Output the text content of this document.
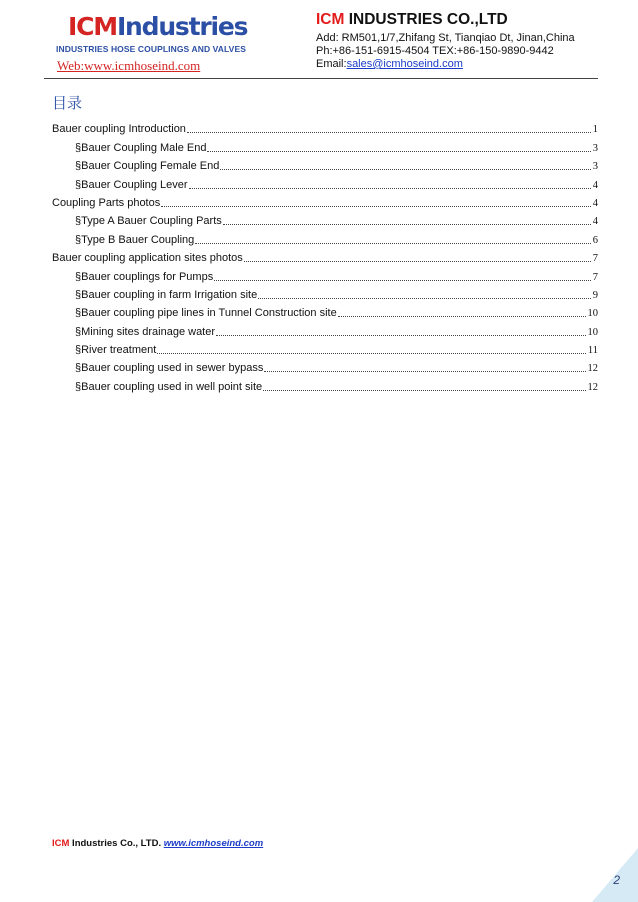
ICMIndustries
INDUSTRIES HOSE COUPLINGS AND VALVES
Web:www.icmhoseind.com
ICM INDUSTRIES CO.,LTD
Add: RM501,1/7,Zhifang St, Tianqiao Dt, Jinan,China
Ph:+86-151-6915-4504 TEX:+86-150-9890-9442
Email:sales@icmhoseind.com
目录
Bauer coupling Introduction	1
§Bauer Coupling Male End	3
§Bauer Coupling Female End	3
§Bauer Coupling Lever	4
Coupling Parts photos	4
§Type A Bauer Coupling Parts	4
§Type B Bauer Coupling	6
Bauer coupling application sites photos	7
§Bauer couplings for Pumps	7
§Bauer coupling in farm Irrigation site	9
§Bauer coupling pipe lines in Tunnel Construction site	10
§Mining sites drainage water	10
§River treatment	11
§Bauer coupling used in sewer bypass	12
§Bauer coupling used in well point site	12
ICM Industries Co., LTD. www.icmhoseind.com
2
